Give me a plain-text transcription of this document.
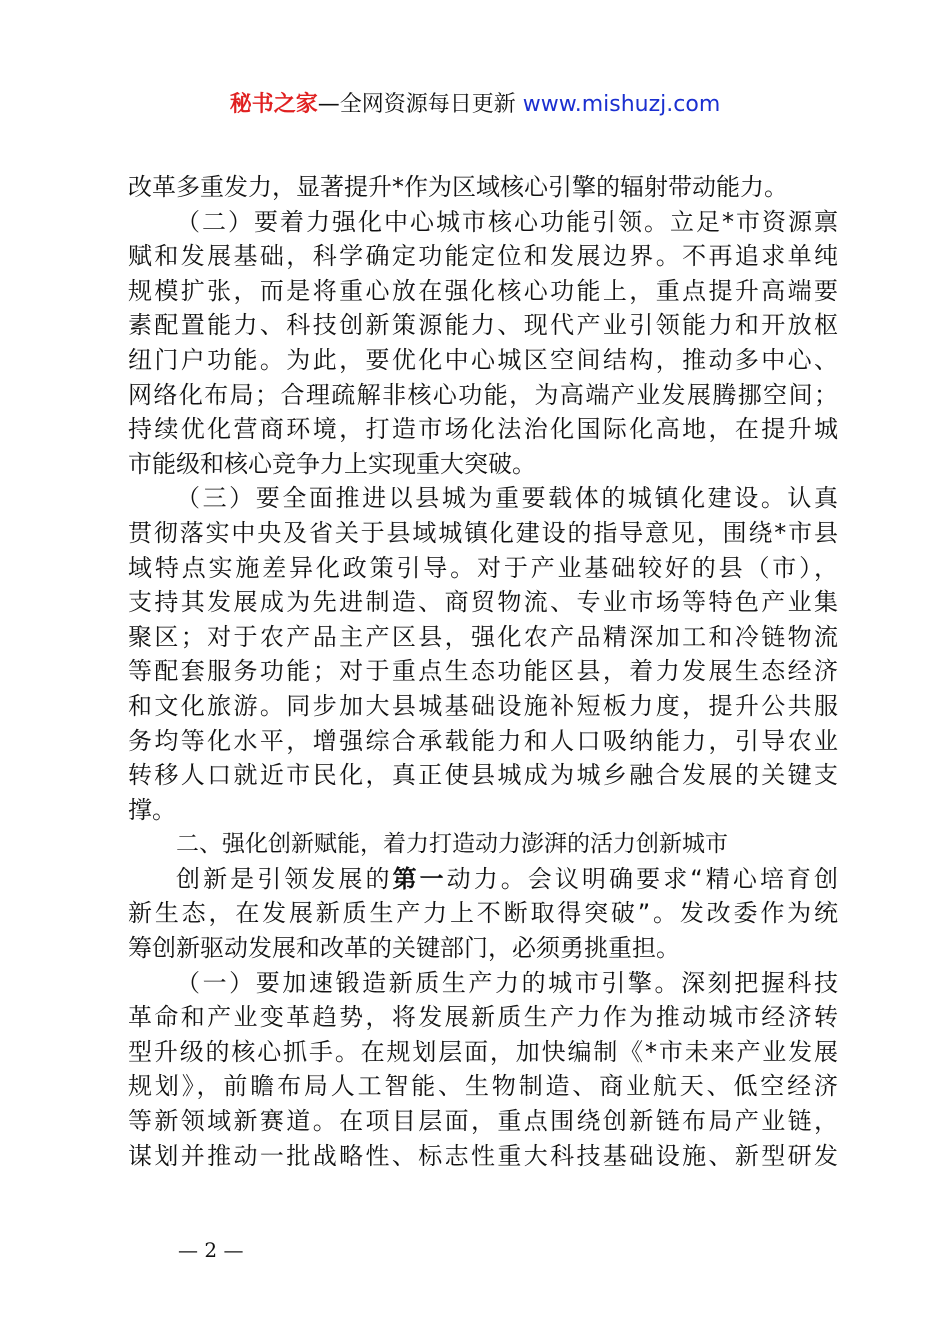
秘书之家—全网资源每日更新 www.mishuzj.com
改革多重发力，显著提升*作为区域核心引擎的辐射带动能力。
（二）要着力强化中心城市核心功能引领。立足*市资源禀
赋和发展基础，科学确定功能定位和发展边界。不再追求单纯
规模扩张，而是将重心放在强化核心功能上，重点提升高端要
素配置能力、科技创新策源能力、现代产业引领能力和开放枢
纽门户功能。为此，要优化中心城区空间结构，推动多中心、
网络化布局；合理疏解非核心功能，为高端产业发展腾挪空间；
持续优化营商环境，打造市场化法治化国际化高地，在提升城
市能级和核心竞争力上实现重大突破。
（三）要全面推进以县城为重要载体的城镇化建设。认真
贯彻落实中央及省关于县域城镇化建设的指导意见，围绕*市县
域特点实施差异化政策引导。对于产业基础较好的县（市），
支持其发展成为先进制造、商贸物流、专业市场等特色产业集
聚区；对于农产品主产区县，强化农产品精深加工和冷链物流
等配套服务功能；对于重点生态功能区县，着力发展生态经济
和文化旅游。同步加大县城基础设施补短板力度，提升公共服
务均等化水平，增强综合承载能力和人口吸纳能力，引导农业
转移人口就近市民化，真正使县城成为城乡融合发展的关键支
撑。
二、强化创新赋能，着力打造动力澎湃的活力创新城市
创新是引领发展的第一动力。会议明确要求“精心培育创
新生态，在发展新质生产力上不断取得突破”。发改委作为统
筹创新驱动发展和改革的关键部门，必须勇挑重担。
（一）要加速锻造新质生产力的城市引擎。深刻把握科技
革命和产业变革趋势，将发展新质生产力作为推动城市经济转
型升级的核心抓手。在规划层面，加快编制《*市未来产业发展
规划》，前瞻布局人工智能、生物制造、商业航天、低空经济
等新领域新赛道。在项目层面，重点围绕创新链布局产业链，
谋划并推动一批战略性、标志性重大科技基础设施、新型研发
— 2 —
